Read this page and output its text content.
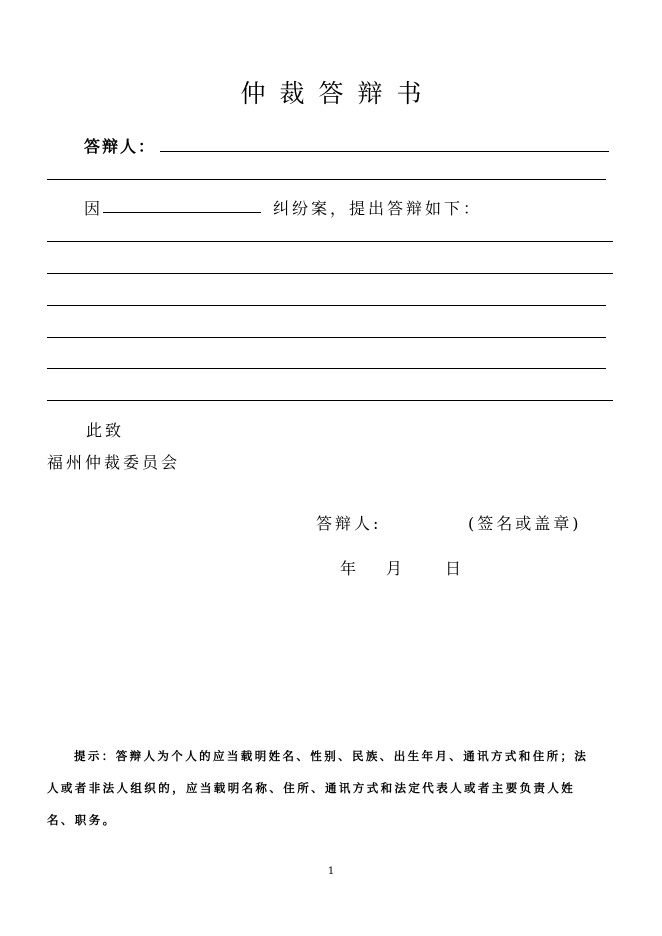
仲裁答辩书
答辩人：
因	纠纷案，提出答辩如下：
此致
福州仲裁委员会
答辩人:	(签名或盖章)
年 月 日
提示：答辩人为个人的应当载明姓名、性别、民族、出生年月、通讯方式和住所；法
人或者非法人组织的，应当载明名称、住所、通讯方式和法定代表人或者主要负责人姓
名、职务。
1
